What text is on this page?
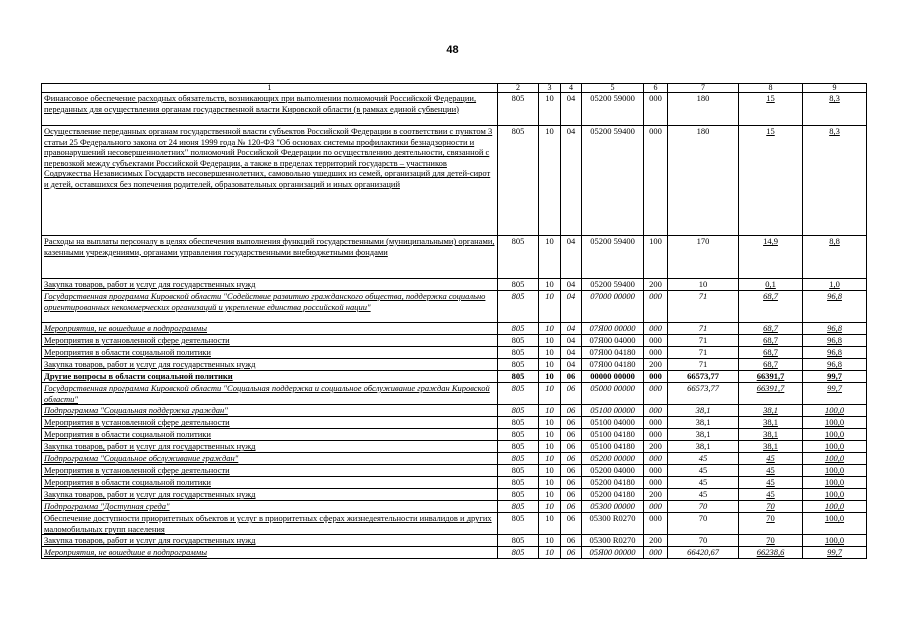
48
1	2	3	4	5	6	7	8	9
Финансовое обеспечение расходных обязательств, возникающих при выполнении полномочий Российской Федерации, переданных для осуществления органам государственной власти Кировской области (в рамках единой субвенции)	805	10	04	05200 59000	000	180	15	8,3
Осуществление переданных органам государственной власти субъектов Российской Федерации в соответствии с пунктом 3 статьи 25 Федерального закона от 24 июня 1999 года № 120-ФЗ "Об основах системы профилактики безнадзорности и правонарушений несовершеннолетних" полномочий Российской Федерации по осуществлению деятельности, связанной с перевозкой между субъектами Российской Федерации, а также в пределах территорий государств – участников Содружества Независимых Государств несовершеннолетних, самовольно ушедших из семей, организаций для детей-сирот и детей, оставшихся без попечения родителей, образовательных организаций и иных организаций	805	10	04	05200 59400	000	180	15	8,3
Расходы на выплаты персоналу в целях обеспечения выполнения функций государственными (муниципальными) органами, казенными учреждениями, органами управления государственными внебюджетными фондами	805	10	04	05200 59400	100	170	14,9	8,8
Закупка товаров, работ и услуг для государственных нужд	805	10	04	05200 59400	200	10	0,1	1,0
Государственная программа Кировской области "Содействие развитию гражданского общества, поддержка социально ориентированных некоммерческих организаций и укрепление единства российской нации"	805	10	04	07000 00000	000	71	68,7	96,8
Мероприятия, не вошедшие в подпрограммы	805	10	04	07Я00 00000	000	71	68,7	96,8
Мероприятия в установленной сфере деятельности	805	10	04	07Я00 04000	000	71	68,7	96,8
Мероприятия в области социальной политики	805	10	04	07Я00 04180	000	71	68,7	96,8
Закупка товаров, работ и услуг для государственных нужд	805	10	04	07Я00 04180	200	71	68,7	96,8
Другие вопросы в области социальной политики	805	10	06	00000 00000	000	66573,77	66391,7	99,7
Государственная программа Кировской области "Социальная поддержка и социальное обслуживание граждан Кировской области"	805	10	06	05000 00000	000	66573,77	66391,7	99,7
Подпрограмма "Социальная поддержка граждан"	805	10	06	05100 00000	000	38,1	38,1	100,0
Мероприятия в установленной сфере деятельности	805	10	06	05100 04000	000	38,1	38,1	100,0
Мероприятия в области социальной политики	805	10	06	05100 04180	000	38,1	38,1	100,0
Закупка товаров, работ и услуг для государственных нужд	805	10	06	05100 04180	200	38,1	38,1	100,0
Подпрограмма "Социальное обслуживание граждан"	805	10	06	05200 00000	000	45	45	100,0
Мероприятия в установленной сфере деятельности	805	10	06	05200 04000	000	45	45	100,0
Мероприятия в области социальной политики	805	10	06	05200 04180	000	45	45	100,0
Закупка товаров, работ и услуг для государственных нужд	805	10	06	05200 04180	200	45	45	100,0
Подпрограмма "Доступная среда"	805	10	06	05300 00000	000	70	70	100,0
Обеспечение доступности приоритетных объектов и услуг в приоритетных сферах жизнедеятельности инвалидов и других маломобильных групп населения	805	10	06	05300 R0270	000	70	70	100,0
Закупка товаров, работ и услуг для государственных нужд	805	10	06	05300 R0270	200	70	70	100,0
Мероприятия, не вошедшие в подпрограммы	805	10	06	05Я00 00000	000	66420,67	66238,6	99,7
